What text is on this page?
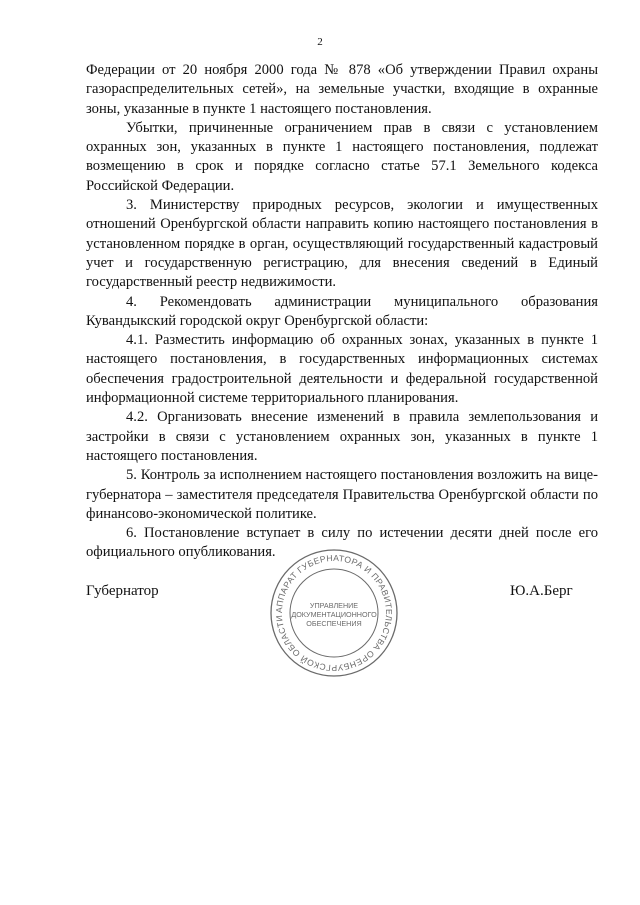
2

Федерации от 20 ноября 2000 года № 878 «Об утверждении Правил охраны газораспределительных сетей», на земельные участки, входящие в охранные зоны, указанные в пункте 1 настоящего постановления.

Убытки, причиненные ограничением прав в связи с установлением охранных зон, указанных в пункте 1 настоящего постановления, подлежат возмещению в срок и порядке согласно статье 57.1 Земельного кодекса Российской Федерации.

3. Министерству природных ресурсов, экологии и имущественных отношений Оренбургской области направить копию настоящего постановления в установленном порядке в орган, осуществляющий государственный кадастровый учет и государственную регистрацию, для внесения сведений в Единый государственный реестр недвижимости.

4. Рекомендовать администрации муниципального образования Кувандыкский городской округ Оренбургской области:

4.1. Разместить информацию об охранных зонах, указанных в пункте 1 настоящего постановления, в государственных информационных системах обеспечения градостроительной деятельности и федеральной государственной информационной системе территориального планирования.

4.2. Организовать внесение изменений в правила землепользования и застройки в связи с установлением охранных зон, указанных в пункте 1 настоящего постановления.

5. Контроль за исполнением настоящего постановления возложить на вице-губернатора – заместителя председателя Правительства Оренбургской области по финансово-экономической политике.

6. Постановление вступает в силу по истечении десяти дней после его официального опубликования.

Губернатор	Ю.А.Берг
АППАРАТ ГУБЕРНАТОРА И ПРАВИТЕЛЬСТВА ОРЕНБУРГСКОЙ ОБЛАСТИ
УПРАВЛЕНИЕ
ДОКУМЕНТАЦИОННОГО
ОБЕСПЕЧЕНИЯ
